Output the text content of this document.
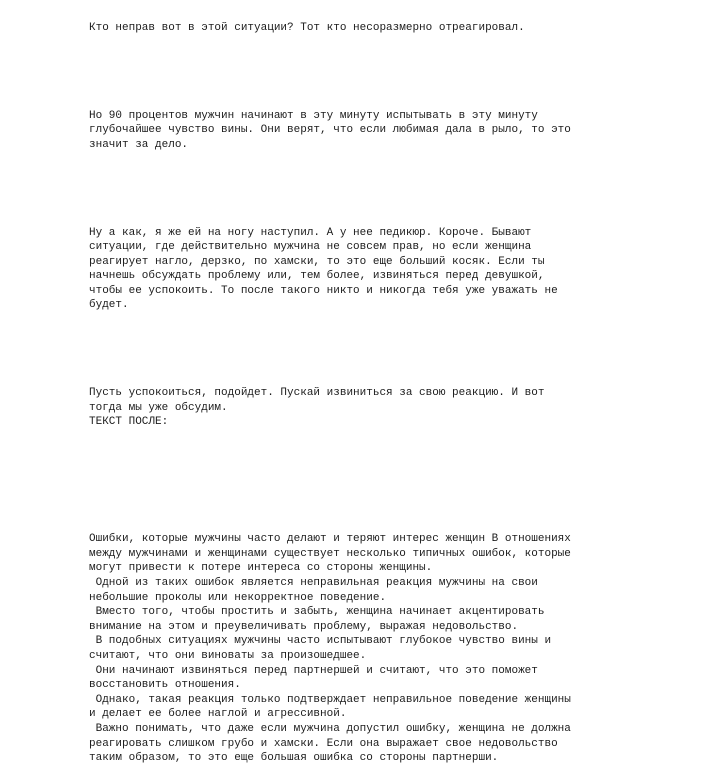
Кто неправ вот в этой ситуации? Тот кто несоразмерно отреагировал.

Но 90 процентов мужчин начинают в эту минуту испытывать в эту минуту
глубочайшее чувство вины. Они верят, что если любимая дала в рыло, то это
значит за дело.

Ну а как, я же ей на ногу наступил. А у нее педикюр. Короче. Бывают
ситуации, где действительно мужчина не совсем прав, но если женщина
реагирует нагло, дерзко, по хамски, то это еще больший косяк. Если ты
начнешь обсуждать проблему или, тем более, извиняться перед девушкой,
чтобы ее успокоить. То после такого никто и никогда тебя уже уважать не
будет.

Пусть успокоиться, подойдет. Пускай извиниться за свою реакцию. И вот
тогда мы уже обсудим.
ТЕКСТ ПОСЛЕ:

Ошибки, которые мужчины часто делают и теряют интерес женщин В отношениях
между мужчинами и женщинами существует несколько типичных ошибок, которые
могут привести к потере интереса со стороны женщины.
Одной из таких ошибок является неправильная реакция мужчины на свои
небольшие проколы или некорректное поведение.
Вместо того, чтобы простить и забыть, женщина начинает акцентировать
внимание на этом и преувеличивать проблему, выражая недовольство.
В подобных ситуациях мужчины часто испытывают глубокое чувство вины и
считают, что они виноваты за произошедшее.
Они начинают извиняться перед партнершей и считают, что это поможет
восстановить отношения.
Однако, такая реакция только подтверждает неправильное поведение женщины
и делает ее более наглой и агрессивной.
Важно понимать, что даже если мужчина допустил ошибку, женщина не должна
реагировать слишком грубо и хамски. Если она выражает свое недовольство
таким образом, то это еще большая ошибка со стороны партнерши.
